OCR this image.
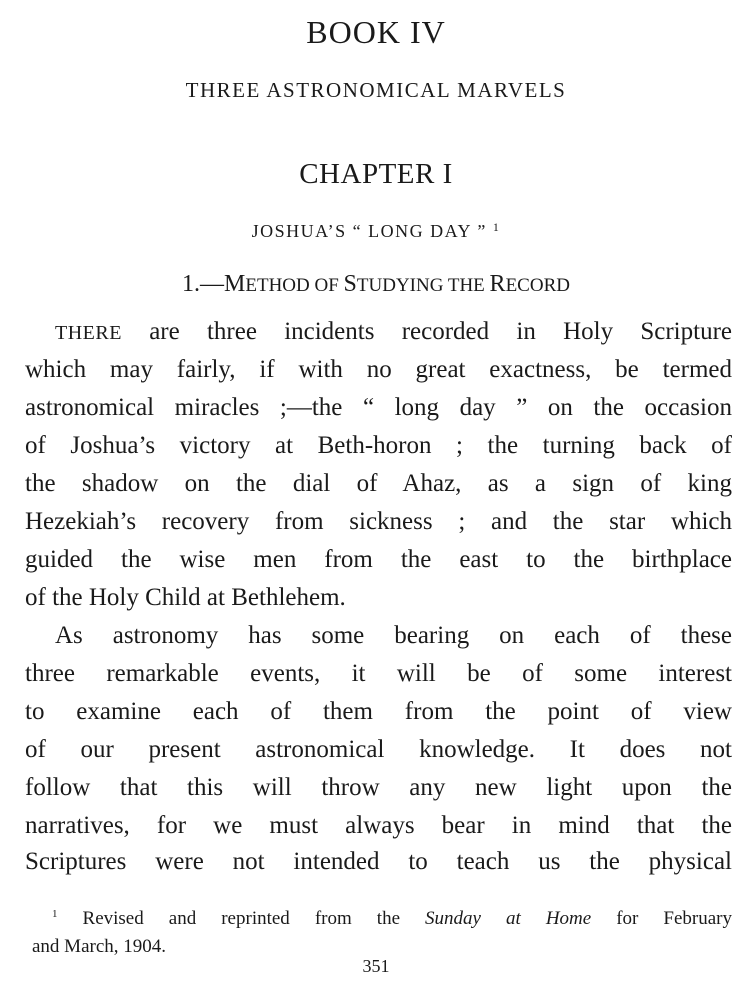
BOOK IV
THREE ASTRONOMICAL MARVELS
CHAPTER I
JOSHUA’S “ LONG DAY ” $^1$
1.—METHOD OF STUDYING THE RECORD
THERE are three incidents recorded in Holy Scripture
which may fairly, if with no great exactness, be termed
astronomical miracles ;—the “ long day ” on the occasion
of Joshua’s victory at Beth-horon ; the turning back of
the shadow on the dial of Ahaz, as a sign of king
Hezekiah’s recovery from sickness ; and the star which
guided the wise men from the east to the birthplace
of the Holy Child at Bethlehem.
As astronomy has some bearing on each of these
three remarkable events, it will be of some interest
to examine each of them from the point of view
of our present astronomical knowledge. It does not
follow that this will throw any new light upon the
narratives, for we must always bear in mind that the
Scriptures were not intended to teach us the physical
$^1$ Revised and reprinted from the Sunday at Home for February
and March, 1904.
351
